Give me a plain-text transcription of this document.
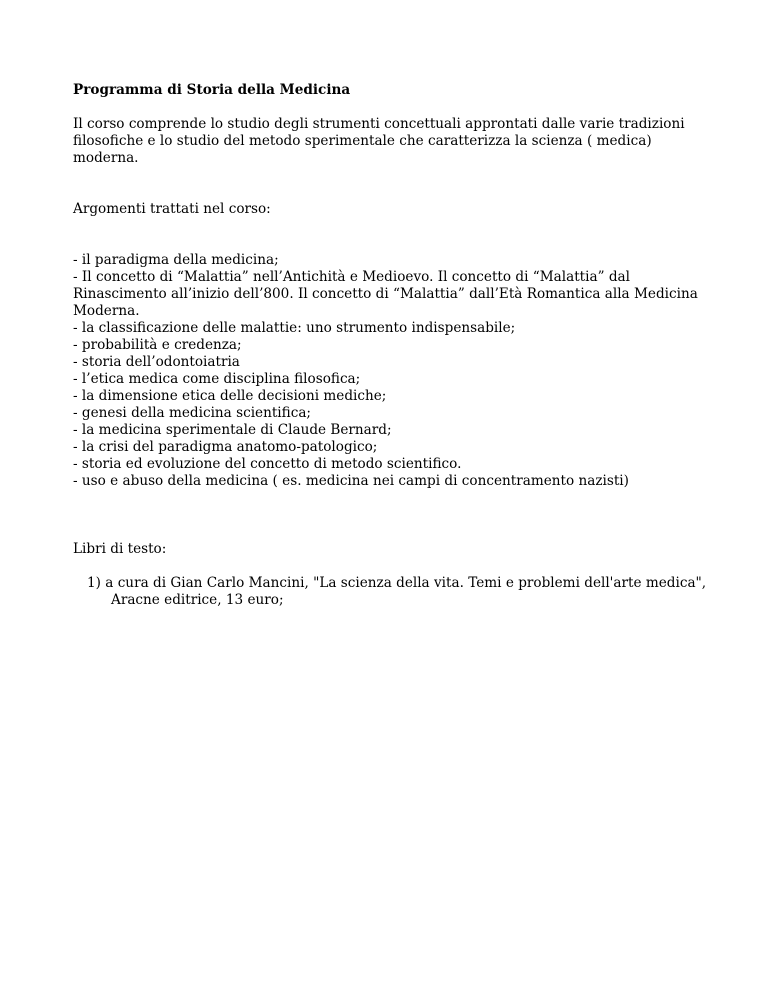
Programma di Storia della Medicina

Il corso comprende lo studio degli strumenti concettuali approntati dalle varie tradizioni filosofiche e lo studio del metodo sperimentale che caratterizza la scienza ( medica) moderna.

Argomenti trattati nel corso:

- il paradigma della medicina;
- Il concetto di “Malattia” nell’Antichità e Medioevo. Il concetto di “Malattia” dal Rinascimento all’inizio dell’800. Il concetto di “Malattia” dall’Età Romantica alla Medicina Moderna.
- la classificazione delle malattie: uno strumento indispensabile;
- probabilità e credenza;
- storia dell’odontoiatria
- l’etica medica come disciplina filosofica;
- la dimensione etica delle decisioni mediche;
- genesi della medicina scientifica;
- la medicina sperimentale di Claude Bernard;
- la crisi del paradigma anatomo-patologico;
- storia ed evoluzione del concetto di metodo scientifico.
- uso e abuso della medicina ( es. medicina nei campi di concentramento nazisti)

Libri di testo:

1) a cura di Gian Carlo Mancini, "La scienza della vita. Temi e problemi dell'arte medica", Aracne editrice, 13 euro;
